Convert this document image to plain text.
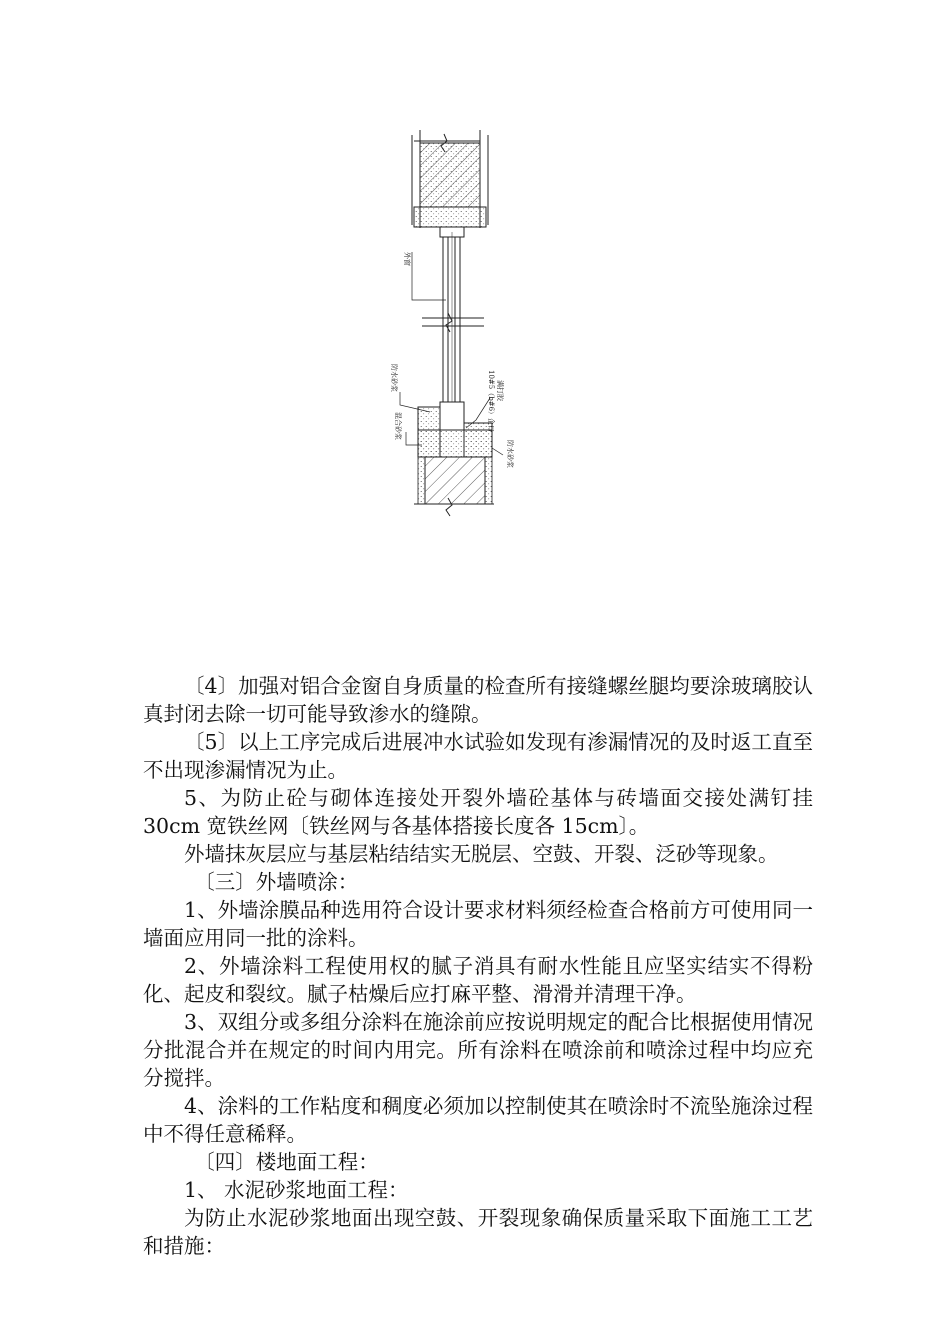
外窗
防水砂浆
混合砂浆	10#5（b#6）企口 满打胶
防水砂浆

〔4〕加强对铝合金窗自身质量的检查所有接缝螺丝腿均要涂玻璃胶认真封闭去除一切可能导致渗水的缝隙。

〔5〕以上工序完成后进展冲水试验如发现有渗漏情况的及时返工直至不出现渗漏情况为止。

5、为防止砼与砌体连接处开裂外墙砼基体与砖墙面交接处满钉挂 30cm 宽铁丝网〔铁丝网与各基体搭接长度各 15cm〕。

外墙抹灰层应与基层粘结结实无脱层、空鼓、开裂、泛砂等现象。

〔三〕外墙喷涂：

1、外墙涂膜品种选用符合设计要求材料须经检查合格前方可使用同一墙面应用同一批的涂料。

2、外墙涂料工程使用权的腻子消具有耐水性能且应坚实结实不得粉化、起皮和裂纹。腻子枯燥后应打麻平整、滑滑并清理干净。

3、双组分或多组分涂料在施涂前应按说明规定的配合比根据使用情况分批混合并在规定的时间内用完。所有涂料在喷涂前和喷涂过程中均应充分搅拌。

4、涂料的工作粘度和稠度必须加以控制使其在喷涂时不流坠施涂过程中不得任意稀释。

〔四〕楼地面工程：

1、 水泥砂浆地面工程：

为防止水泥砂浆地面出现空鼓、开裂现象确保质量采取下面施工工艺和措施：
